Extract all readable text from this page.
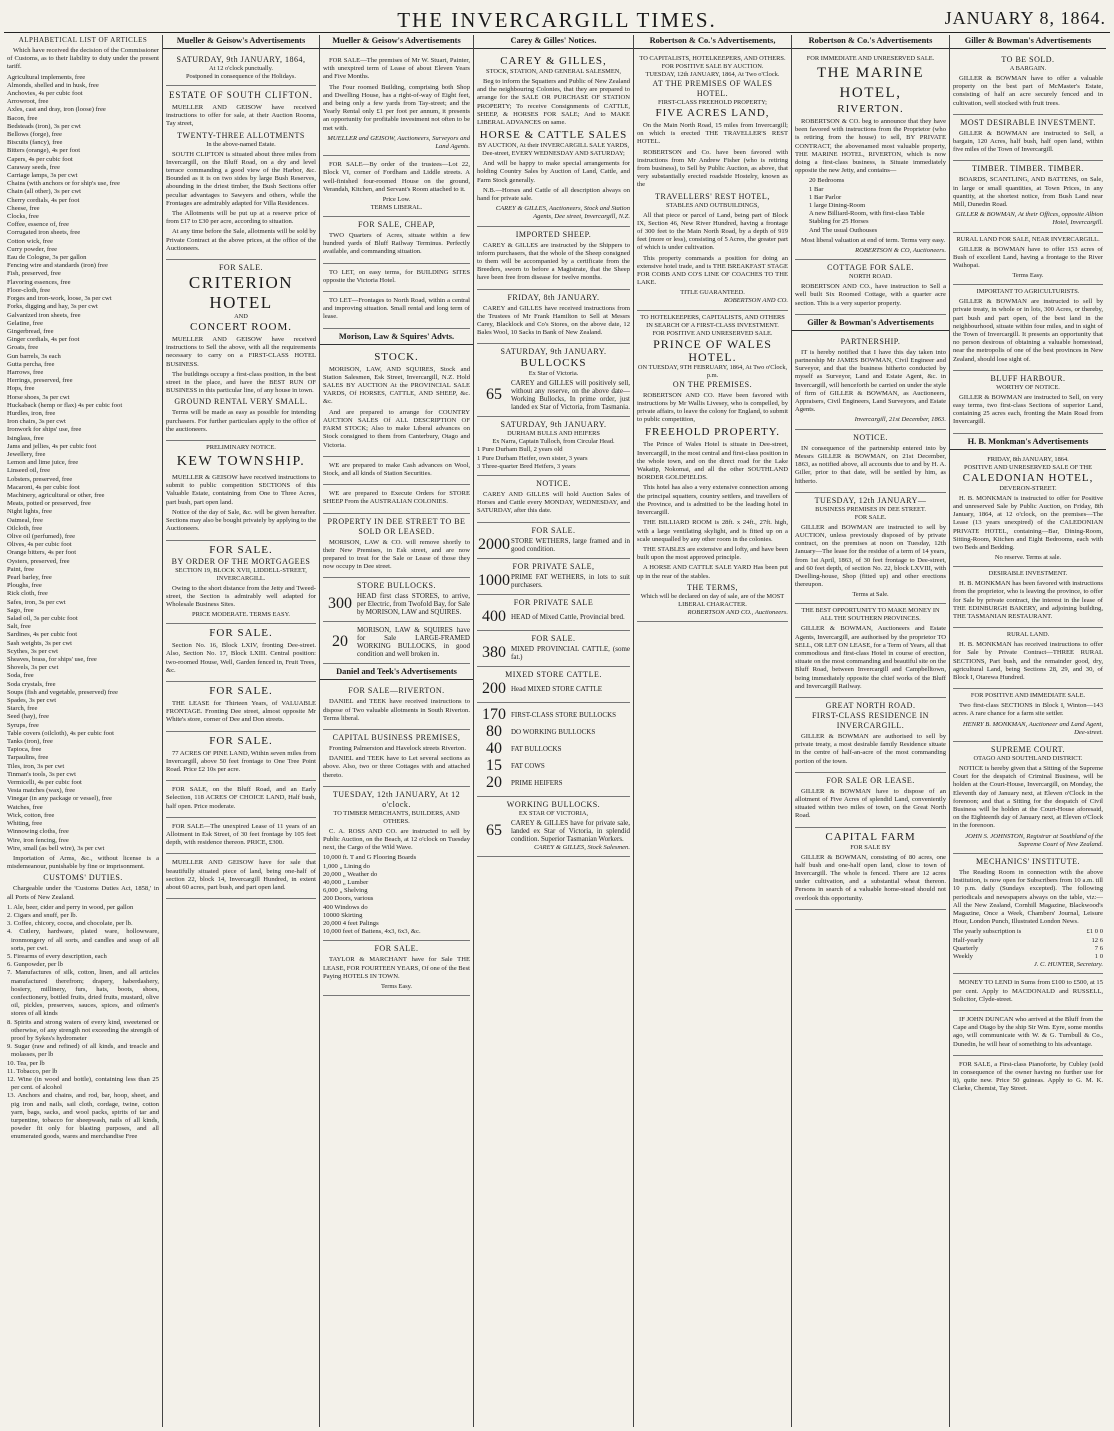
THE INVERCARGILL TIMES.	JANUARY 8, 1864.
ALPHABETICAL LIST OF ARTICLES
Which have received the decision of the Commissioner of Customs, as to their liability to duty under the present tariff.
Agricultural implements, free
Almonds, shelled and in husk, free
Anchovies, 4s per cubic foot
Arrowroot, free
Axles, cast and dray, iron (loose) free
Bacon, free
Bedsteads (iron), 3s per cwt
Bellows (forge), free
Biscuits (fancy), free
Bitters (orange), 4s per foot
Capers, 4s per cubic foot
Caraway seeds, free
Carriage lamps, 3s per cwt
Chains (with anchors or for ship's use, free
Chain (all other), 3s per cwt
Cherry cordials, 4s per foot
Cheese, free
Clocks, free
Coffee, essence of, free
Corrugated iron sheets, free
Cotton wick, free
Curry powder, free
Eau de Cologne, 3s per gallon
Fencing wire and standards (iron) free
Fish, preserved, free
Flavoring essences, free
Floor-cloth, free
Forges and iron-work, loose, 3s per cwt
Forks, digging and hay, 3s per cwt
Galvanized iron sheets, free
Gelatine, free
Gingerbread, free
Ginger cordials, 4s per foot
Groats, free
Gun barrels, 3s each
Gutta percha, free
Harrows, free
Herrings, preserved, free
Hops, free
Horse shoes, 3s per cwt
Huckaback (hemp or flax) 4s per cubic foot
Hurdles, iron, free
Iron chairs, 3s per cwt
Ironwork for ships' use, free
Isinglass, free
Jams and jellies, 4s per cubic foot
Jewellery, free
Lemon and lime juice, free
Linseed oil, free
Lobsters, preserved, free
Macaroni, 4s per cubic foot
Machinery, agricultural or other, free
Meats, potted or preserved, free
Night lights, free
Oatmeal, free
Oilcloth, free
Olive oil (perfumed), free
Olives, 4s per cubic foot
Orange bitters, 4s per foot
Oysters, preserved, free
Paint, free
Pearl barley, free
Ploughs, free
Rick cloth, free
Safes, iron, 3s per cwt
Sago, free
Salad oil, 3s per cubic foot
Salt, free
Sardines, 4s per cubic foot
Sash weights, 3s per cwt
Scythes, 3s per cwt
Sheaves, brass, for ships' use, free
Shovels, 3s per cwt
Soda, free
Soda crystals, free
Soups (fish and vegetable, preserved) free
Spades, 3s per cwt
Starch, free
Seed (hay), free
Syrups, free
Table covers (oilcloth), 4s per cubic foot
Tanks (iron), free
Tapioca, free
Tarpaulins, free
Tiles, iron, 3s per cwt
Tinman's tools, 3s per cwt
Vermicelli, 4s per cubic foot
Vesta matches (wax), free
Vinegar (in any package or vessel), free
Watches, free
Wick, cotton, free
Whiting, free
Winnowing cloths, free
Wire, iron fencing, free
Wire, small (as bell wire), 3s per cwt
Importation of Arms, &c., without license is a misdemeanour, punishable by fine or imprisonment.
CUSTOMS' DUTIES.
Chargeable under the 'Customs Duties Act, 1858,' in all Ports of New Zealand.
1. Ale, beer, cider and perry in wood, per gallon
2. Cigars and snuff, per lb.
3. Coffee, chicory, cocoa, and chocolate, per lb.
4. Cutlery, hardware, plated ware, hollowware, ironmongery of all sorts, and candles and soap of all sorts, per cwt.
5. Firearms of every description, each
6. Gunpowder, per lb
7. Manufactures of silk, cotton, linen, and all articles manufactured therefrom; drapery, haberdashery, hosiery, millinery, furs, hats, boots, shoes, confectionery, bottled fruits, dried fruits, mustard, olive oil, pickles, preserves, sauces, spices, and oilmen's stores of all kinds
8. Spirits and strong waters of every kind, sweetened or otherwise, of any strength not exceeding the strength of proof by Sykes's hydrometer
9. Sugar (raw and refined) of all kinds, and treacle and molasses, per lb
10. Tea, per lb
11. Tobacco, per lb
12. Wine (in wood and bottle), containing less than 25 per cent. of alcohol
13. Anchors and chains, and rod, bar, hoop, sheet, and pig iron and nails, sail cloth, cordage, twine, cotton yarn, bags, sacks, and wool packs, spirits of tar and turpentine, tobacco for sheepwash, nails of all kinds, powder fit only for blasting purposes, and all enumerated goods, wares and merchandise Free
Mueller & Geisow's Advertisements
SATURDAY, 9th JANUARY, 1864,
At 12 o'clock punctually.
Postponed in consequence of the Holidays.
ESTATE OF SOUTH CLIFTON.
MUELLER AND GEISOW have received instructions to offer for sale, at their Auction Rooms, Tay street,
TWENTY-THREE ALLOTMENTS
In the above-named Estate.
SOUTH CLIFTON is situated about three miles from Invercargill, on the Bluff Road, on a dry and level terrace commanding a good view of the Harbor, &c. Bounded as it is on two sides by large Bush Reserves, abounding in the driest timber, the Bush Sections offer peculiar advantages to Sawyers and others, while the Frontages are admirably adapted for Villa Residences.
The Allotments will be put up at a reserve price of from £17 to £30 per acre, according to situation.
At any time before the Sale, allotments will be sold by Private Contract at the above prices, at the office of the Auctioneers.
FOR SALE.
CRITERION HOTEL
AND
CONCERT ROOM.
MUELLER AND GEISOW have received instructions to Sell the above, with all the requirements necessary to carry on a FIRST-CLASS HOTEL BUSINESS.
The buildings occupy a first-class position, in the best street in the place, and have the BEST RUN OF BUSINESS in this particular line, of any house in town.
GROUND RENTAL VERY SMALL.
Terms will be made as easy as possible for intending purchasers. For further particulars apply to the office of the auctioneers.
PRELIMINARY NOTICE.
KEW TOWNSHIP.
MUELLER & GEISOW have received instructions to submit to public competition SECTIONS of this Valuable Estate, containing from One to Three Acres, part bush, part open land.
Notice of the day of Sale, &c. will be given hereafter. Sections may also be bought privately by applying to the Auctioneers.
FOR SALE.
BY ORDER OF THE MORTGAGEES
SECTION 19, BLOCK XVII, LIDDELL-STREET, INVERCARGILL.
Owing to the short distance from the Jetty and Tweed-street, the Section is admirably well adapted for Wholesale Business Sites.
PRICE MODERATE. TERMS EASY.
FOR SALE.
Section No. 16, Block LXIV, fronting Dee-street. Also, Section No. 17, Block LXIII. Central position: two-roomed House, Well, Garden fenced in, Fruit Trees, &c.
FOR SALE.
THE LEASE for Thirteen Years, of VALUABLE FRONTAGE. Fronting Dee street, almost opposite Mr White's store, corner of Dee and Don streets.
FOR SALE.
77 ACRES OF PINE LAND, Within seven miles from Invercargill, above 50 feet frontage to One Tree Point Road. Price £2 10s per acre.
FOR SALE, on the Bluff Road, and an Early Selection, 118 ACRES OF CHOICE LAND, Half bush, half open. Price moderate.
FOR SALE—The unexpired Lease of 11 years of an Allotment in Esk Street, of 30 feet frontage by 105 feet depth, with residence thereon. PRICE, £300.
MUELLER AND GEISOW have for sale that beautifully situated piece of land, being one-half of section 22, block 14, Invercargill Hundred, in extent about 60 acres, part bush, and part open land.
Mueller & Geisow's Advertisements
FOR SALE—The premises of Mr W. Stuart, Painter, with unexpired term of Lease of about Eleven Years and Five Months.
The Four roomed Building, comprising both Shop and Dwelling House, has a right-of-way of Eight feet, and being only a few yards from Tay-street; and the Yearly Rental only £1 per foot per annum, it presents an opportunity for profitable investment not often to be met with.
MUELLER and GEISOW, Auctioneers, Surveyors and Land Agents.
FOR SALE—By order of the trustees—Lot 22, Block VI, corner of Fordham and Liddle streets. A well-finished four-roomed House on the ground, Verandah, Kitchen, and Servant's Room attached to it.
Price Low.
TERMS LIBERAL.
FOR SALE, CHEAP,
TWO Quarters of Acres, situate within a few hundred yards of Bluff Railway Terminus. Perfectly available, and commanding situation.
TO LET, on easy terms, for BUILDING SITES opposite the Victoria Hotel.
TO LET—Frontages to North Road, within a central and improving situation. Small rental and long term of lease.
Morison, Law & Squires' Advts.
STOCK.
MORISON, LAW, AND SQUIRES, Stock and Station Salesmen, Esk Street, Invercargill, N.Z. Hold SALES BY AUCTION At the PROVINCIAL SALE YARDS, Of HORSES, CATTLE, AND SHEEP, &c. &c.
And are prepared to arrange for COUNTRY AUCTION SALES Of ALL DESCRIPTION OF FARM STOCK; Also to make Liberal advances on Stock consigned to them from Canterbury, Otago and Victoria.
WE are prepared to make Cash advances on Wool, Stock, and all kinds of Station Securities.
WE are prepared to Execute Orders for STORE SHEEP From the AUSTRALIAN COLONIES.
PROPERTY IN DEE STREET TO BE SOLD OR LEASED.
MORISON, LAW & CO. will remove shortly to their New Premises, in Esk street, and are now prepared to treat for the Sale or Lease of those they now occupy in Dee street.
STORE BULLOCKS.
300 HEAD first class STORES, to arrive, per Electric, from Twofold Bay, for Sale by MORISON, LAW and SQUIRES.
20
MORISON, LAW & SQUIRES have for Sale LARGE-FRAMED WORKING BULLOCKS, in good condition and well broken in.
Daniel and Teek's Advertisements
FOR SALE—RIVERTON.
DANIEL and TEEK have received instructions to dispose of Two valuable allotments in South Riverton. Terms liberal.
CAPITAL BUSINESS PREMISES,
Fronting Palmerston and Havelock streets Riverton.
DANIEL and TEEK have to Let several sections as above. Also, two or three Cottages with and attached thereto.
TUESDAY, 12th JANUARY, At 12 o'clock.
TO TIMBER MERCHANTS, BUILDERS, AND OTHERS.
C. A. ROSS AND CO. are instructed to sell by Public Auction, on the Beach, at 12 o'clock on Tuesday next, the Cargo of the Wild Wave.
10,000 ft. T and G Flooring Boards
1,000 „ Lining do
20,000 „ Weather do
40,000 „ Lumber
6,000 „ Shelving
200 Doors, various
400 Windows do
10000 Skirting
20,000 4 feet Palings
10,000 feet of Battens, 4x3, 6x3, &c.
FOR SALE.
TAYLOR & MARCHANT have for Sale THE LEASE, FOR FOURTEEN YEARS, Of one of the Best Paying HOTELS IN TOWN.
Terms Easy.
Carey & Gilles' Notices.
CAREY & GILLES,
STOCK, STATION, AND GENERAL SALESMEN,
Beg to inform the Squatters and Public of New Zealand and the neighbouring Colonies, that they are prepared to arrange for the SALE OR PURCHASE OF STATION PROPERTY; To receive Consignments of CATTLE, SHEEP, & HORSES FOR SALE; And to MAKE LIBERAL ADVANCES on same.
HORSE & CATTLE SALES
BY AUCTION, At their INVERCARGILL SALE YARDS, Dee-street, EVERY WEDNESDAY AND SATURDAY;
And will be happy to make special arrangements for holding Country Sales by Auction of Land, Cattle, and Farm Stock generally.
N.B.—Horses and Cattle of all description always on hand for private sale.
CAREY & GILLES, Auctioneers, Stock and Station Agents, Dee street, Invercargill, N.Z.
IMPORTED SHEEP.
CAREY & GILLES are instructed by the Shippers to inform purchasers, that the whole of the Sheep consigned to them will be accompanied by a certificate from the Breeders, sworn to before a Magistrate, that the Sheep have been free from disease for twelve months.
FRIDAY, 8th JANUARY.
CAREY and GILLES have received instructions from the Trustees of Mr Frank Hamilton to Sell at Messrs Carey, Blacklock and Co's Stores, on the above date, 12 Bales Wool, 10 Sacks in Bank of New Zealand.
SATURDAY, 9th JANUARY.
BULLOCKS
Ex Star of Victoria.
65
CAREY and GILLES will positively sell, without any reserve, on the above date—Working Bullocks, In prime order, just landed ex Star of Victoria, from Tasmania.
SATURDAY, 9th JANUARY.
DURHAM BULLS AND HEIFERS
Ex Narra, Captain Tulloch, from Circular Head.
1 Pure Durham Bull, 2 years old
1 Pure Durham Heifer, own sister, 3 years
3 Three-quarter Bred Heifers, 3 years
NOTICE.
CAREY AND GILLES will hold Auction Sales of Horses and Cattle every MONDAY, WEDNESDAY, and SATURDAY, after this date.
FOR SALE.
2000 STORE WETHERS, large framed and in good condition.
FOR PRIVATE SALE,
1000 PRIME FAT WETHERS, in lots to suit purchasers.
FOR PRIVATE SALE
400 HEAD of Mixed Cattle, Provincial bred.
FOR SALE.
380 MIXED PROVINCIAL CATTLE, (some fat.)
MIXED STORE CATTLE.
200 Head MIXED STORE CATTLE
170 FIRST-CLASS STORE BULLOCKS
80	DO WORKING BULLOCKS
40	FAT BULLOCKS
15	FAT COWS
20	PRIME HEIFERS
WORKING BULLOCKS.
EX STAR OF VICTORIA,
65	CAREY & GILLES have for private sale, landed ex Star of Victoria, in splendid condition. Superior Tasmanian Workers.
CAREY & GILLES, Stock Salesmen.
Robertson & Co.'s Advertisements,
TO CAPITALISTS, HOTELKEEPERS, AND OTHERS.
FOR POSITIVE SALE BY AUCTION.
TUESDAY, 12th JANUARY, 1864, At Two o'Clock.
AT THE PREMISES OF WALES HOTEL.
FIRST-CLASS FREEHOLD PROPERTY;
FIVE ACRES LAND,
On the Main North Road, 15 miles from Invercargill; on which is erected THE TRAVELLER'S REST HOTEL.
ROBERTSON and Co. have been favored with instructions from Mr Andrew Fisher (who is retiring from business), to Sell by Public Auction, as above, that very substantially erected roadside Hostelry, known as the
TRAVELLERS' REST HOTEL,
STABLES AND OUTBUILDINGS,
All that piece or parcel of Land, being part of Block IX, Section 46, New River Hundred, having a frontage of 300 feet to the Main North Road, by a depth of 919 feet (more or less), consisting of 5 Acres, the greater part of which is under cultivation.
This property commands a position for doing an extensive hotel trade, and is THE BREAKFAST STAGE FOR COBB AND CO'S LINE OF COACHES TO THE LAKE.
TITLE GUARANTEED.
ROBERTSON AND CO.
TO HOTELKEEPERS, CAPITALISTS, AND OTHERS IN SEARCH OF A FIRST-CLASS INVESTMENT.
FOR POSITIVE AND UNRESERVED SALE.
PRINCE OF WALES HOTEL.
ON TUESDAY, 9TH FEBRUARY, 1864, At Two o'Clock, p.m.
ON THE PREMISES.
ROBERTSON AND CO. Have been favored with instructions by Mr Wallis Livesey, who is compelled, by private affairs, to leave the colony for England, to submit to public competition,
FREEHOLD PROPERTY.
The Prince of Wales Hotel is situate in Dee-street, Invercargill, in the most central and first-class position in the whole town, and on the direct road for the Lake Wakatip, Nokomai, and all the other SOUTHLAND BORDER GOLDFIELDS.
This hotel has also a very extensive connection among the principal squatters, country settlers, and travellers of the Province, and is admitted to be the leading hotel in Invercargill.
THE BILLIARD ROOM is 28ft. x 24ft., 27ft. high, with a large ventilating skylight, and is fitted up on a scale unequalled by any other room in the colonies.
THE STABLES are extensive and lofty, and have been built upon the most approved principle.
A HORSE AND CATTLE SALE YARD Has been put up in the rear of the stables.
THE TERMS,
Which will be declared on day of sale, are of the MOST LIBERAL CHARACTER.
ROBERTSON AND CO., Auctioneers.
Robertson & Co.'s Advertisements
FOR IMMEDIATE AND UNRESERVED SALE.
THE MARINE HOTEL,
RIVERTON.
ROBERTSON & CO. beg to announce that they have been favored with instructions from the Proprietor (who is retiring from the house) to sell, BY PRIVATE CONTRACT, the abovenamed most valuable property, THE MARINE HOTEL, RIVERTON, which is now doing a first-class business, is Situate immediately opposite the new Jetty, and contains—
20 Bedrooms
1 Bar
1 Bar Parlor
1 large Dining-Room
A new Billiard-Room, with first-class Table
Stabling for 25 Horses
And The usual Outhouses
Most liberal valuation at end of term. Terms very easy.
ROBERTSON & CO, Auctioneers.
COTTAGE FOR SALE.
NORTH ROAD.
ROBERTSON AND CO., have instruction to Sell a well built Six Roomed Cottage, with a quarter acre section. This is a very superior property.
Giller & Bowman's Advertisements
PARTNERSHIP.
IT is hereby notified that I have this day taken into partnership Mr JAMES BOWMAN, Civil Engineer and Surveyor, and that the business hitherto conducted by myself as Surveyor, Land and Estate Agent, &c. in Invercargill, will henceforth be carried on under the style of firm of GILLER & BOWMAN, as Auctioneers, Appraisers, Civil Engineers, Land Surveyors, and Estate Agents.
Invercargill, 21st December, 1863.
NOTICE.
IN consequence of the partnership entered into by Messrs GILLER & BOWMAN, on 21st December, 1863, as notified above, all accounts due to and by H. A. Giller, prior to that date, will be settled by him, as hitherto.
TUESDAY, 12th JANUARY—
BUSINESS PREMISES IN DEE STREET.
FOR SALE.
GILLER and BOWMAN are instructed to sell by AUCTION, unless previously disposed of by private contract, on the premises at noon on Tuesday, 12th January—The lease for the residue of a term of 14 years, from 1st April, 1863, of 30 feet frontage to Dee-street, and 60 feet depth, of section No. 22, block LXVIII, with Dwelling-house, Shop (fitted up) and other erections thereupon.
Terms at Sale.
THE BEST OPPORTUNITY TO MAKE MONEY IN ALL THE SOUTHERN PROVINCES.
GILLER & BOWMAN, Auctioneers and Estate Agents, Invercargill, are authorised by the proprietor TO SELL, OR LET ON LEASE, for a Term of Years, all that commodious and first-class Hotel in course of erection, situate on the most commanding and beautiful site on the Bluff Road, between Invercargill and Campbelltown, being immediately opposite the chief works of the Bluff and Invercargill Railway.
GREAT NORTH ROAD.
FIRST-CLASS RESIDENCE IN INVERCARGILL.
GILLER & BOWMAN are authorised to sell by private treaty, a most desirable family Residence situate in the centre of half-an-acre of the most commanding portion of the town.
FOR SALE OR LEASE.
GILLER & BOWMAN have to dispose of an allotment of Five Acres of splendid Land, conveniently situated within two miles of town, on the Great North Road.
CAPITAL FARM
FOR SALE BY
GILLER & BOWMAN, consisting of 80 acres, one half bush and one-half open land, close to town of Invercargill. The whole is fenced. There are 12 acres under cultivation, and a substantial wheat thereon. Persons in search of a valuable home-stead should not overlook this opportunity.
Giller & Bowman's Advertisements
TO BE SOLD.
A BARGAIN.
GILLER & BOWMAN have to offer a valuable property on the best part of McMaster's Estate, consisting of half an acre securely fenced and in cultivation, well stocked with fruit trees.
MOST DESIRABLE INVESTMENT.
GILLER & BOWMAN are instructed to Sell, a bargain, 120 Acres, half bush, half open land, within five miles of the Town of Invercargill.
TIMBER. TIMBER. TIMBER.
BOARDS, SCANTLING, AND BATTENS, on Sale, in large or small quantities, at Town Prices, in any quantity, at the shortest notice, from Bush Land near Mill, Dunedin Road.
GILLER & BOWMAN, At their Offices, opposite Albion Hotel, Invercargill.
RURAL LAND FOR SALE, NEAR INVERCARGILL.
GILLER & BOWMAN have to offer 153 acres of Bush of excellent Land, having a frontage to the River Waihopai.
Terms Easy.
IMPORTANT TO AGRICULTURISTS.
GILLER & BOWMAN are instructed to sell by private treaty, in whole or in lots, 300 Acres, or thereby, part bush and part open, of the best land in the neighbourhood, situate within four miles, and in sight of the Town of Invercargill. It presents an opportunity that no person desirous of obtaining a valuable homestead, near the metropolis of one of the best provinces in New Zealand, should lose sight of.
BLUFF HARBOUR.
WORTHY OF NOTICE.
GILLER & BOWMAN are instructed to Sell, on very easy terms, two first-class Sections of superior Land, containing 25 acres each, fronting the Main Road from Invercargill.
H. B. Monkman's Advertisements
FRIDAY, 8th JANUARY, 1864.
POSITIVE AND UNRESERVED SALE OF THE
CALEDONIAN HOTEL,
DEVERON-STREET.
H. B. MONKMAN is instructed to offer for Positive and unreserved Sale by Public Auction, on Friday, 8th January, 1864, at 12 o'clock, on the premises—The Lease (13 years unexpired) of the CALEDONIAN PRIVATE HOTEL, containing—Bar, Dining-Room, Sitting-Room, Kitchen and Eight Bedrooms, each with two Beds and Bedding.
No reserve. Terms at sale.
DESIRABLE INVESTMENT.
H. B. MONKMAN has been favored with instructions from the proprietor, who is leaving the province, to offer for Sale by private contract, the interest in the lease of THE EDINBURGH BAKERY, and adjoining building, THE TASMANIAN RESTAURANT.
RURAL LAND.
H. B. MONKMAN has received instructions to offer for Sale by Private Contract—THREE RURAL SECTIONS, Part bush, and the remainder good, dry, agricultural Land, being Sections 28, 29, and 30, of Block I, Otarewa Hundred.
FOR POSITIVE AND IMMEDIATE SALE.
Two first-class SECTIONS in Block I, Winton—143 acres. A rare chance for a farm site settler.
HENRY B. MONKMAN, Auctioneer and Land Agent, Dee-street.
SUPREME COURT.
OTAGO AND SOUTHLAND DISTRICT.
NOTICE is hereby given that a Sitting of the Supreme Court for the despatch of Criminal Business, will be holden at the Court-House, Invercargill, on Monday, the Eleventh day of January next, at Eleven o'Clock in the forenoon; and that a Sitting for the despatch of Civil Business will be holden at the Court-House aforesaid, on the Eighteenth day of January next, at Eleven o'Clock in the forenoon.
JOHN S. JOHNSTON, Registrar at Southland of the Supreme Court of New Zealand.
MECHANICS' INSTITUTE.
The Reading Room in connection with the above Institution, is now open for Subscribers from 10 a.m. till 10 p.m. daily (Sundays excepted). The following periodicals and newspapers always on the table, viz:—All the New Zealand, Cornhill Magazine, Blackwood's Magazine, Once a Week, Chambers' Journal, Leisure Hour, London Punch, Illustrated London News.
The yearly subscription is	£1 0 0
Half-yearly	12 6
Quarterly	7 6
Weekly	1 0
J. C. HUNTER, Secretary.
MONEY TO LEND in Sums from £100 to £500, at 15 per cent. Apply to MACDONALD and RUSSELL, Solicitor, Clyde-street.
IF JOHN DUNCAN who arrived at the Bluff from the Cape and Otago by the ship Sir Wm. Eyre, some months ago, will communicate with W. & G. Turnbull & Co., Dunedin, he will hear of something to his advantage.
FOR SALE, a First-class Pianoforte, by Cubley (sold in consequence of the owner having no further use for it), quite new. Price 50 guineas. Apply to G. M. K. Clarke, Chemist, Tay Street.
